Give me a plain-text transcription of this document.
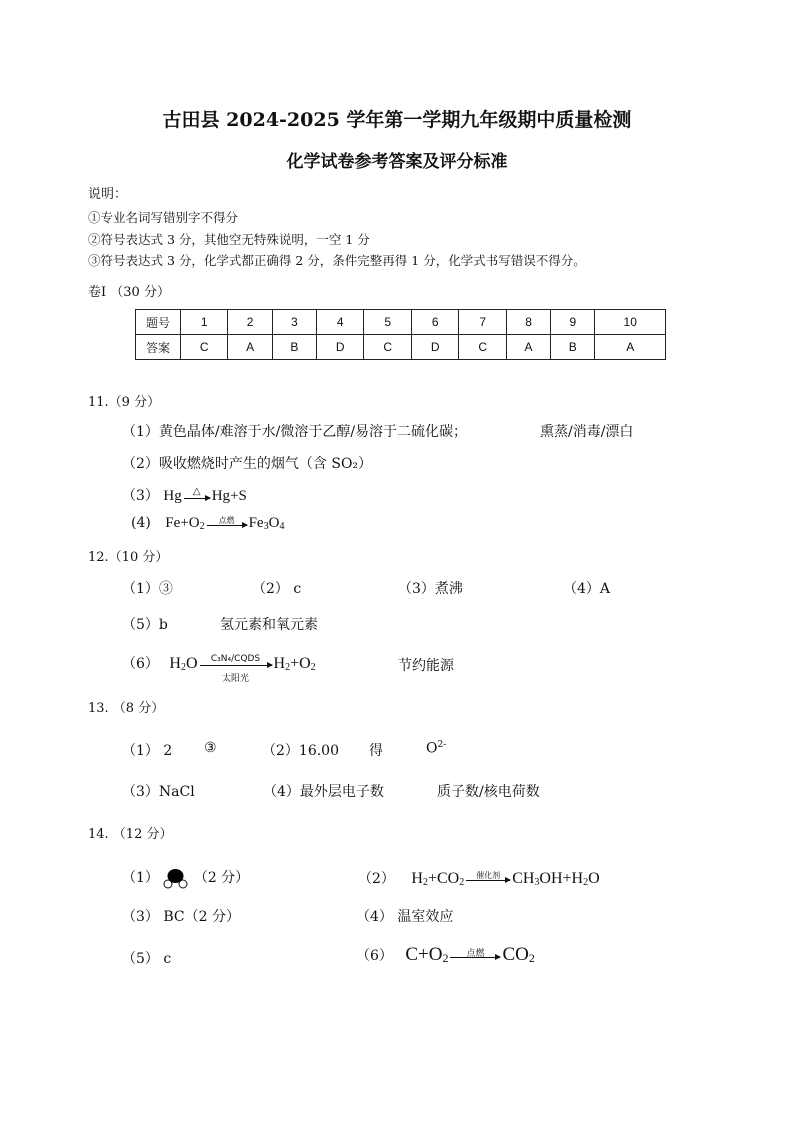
古田县 2024-2025 学年第一学期九年级期中质量检测
化学试卷参考答案及评分标准
说明：
①专业名词写错别字不得分
②符号表达式 3 分，其他空无特殊说明，一空 1 分
③符号表达式 3 分，化学式都正确得 2 分，条件完整再得 1 分，化学式书写错误不得分。
卷Ⅰ （30 分）
题号	1	2	3	4	5	6	7	8	9	10
答案	C	A	B	D	C	D	C	A	B	A
11.（9 分）
（1）黄色晶体/难溶于水/微溶于乙醇/易溶于二硫化碳；	熏蒸/消毒/漂白
（2）吸收燃烧时产生的烟气（含 SO₂）
（3） Hg	△ Hg+S
(4) $Fe+O_2$
点燃 $Fe_3O_4$
12.（10 分）
（1）③	（2） c	（3）煮沸	（4）A
（5）b	氢元素和氧元素
（6） $H_2O$	C₃N₄/CQDS
太阳光
$H_2+O_2$	节约能源
13. （8 分）
（1） 2 ③	（2）16.00 得	$O^{2-}$
（3）NaCl	（4）最外层电子数	质子数/核电荷数
14. （12 分）
（1） （2 分）	（2） $H_2+CO_2$
催化剂 $CH_3OH+H_2O$
（3） BC（2 分）	（4） 温室效应
（5） c	（6） $C+O_2$	点燃 $CO_2$
